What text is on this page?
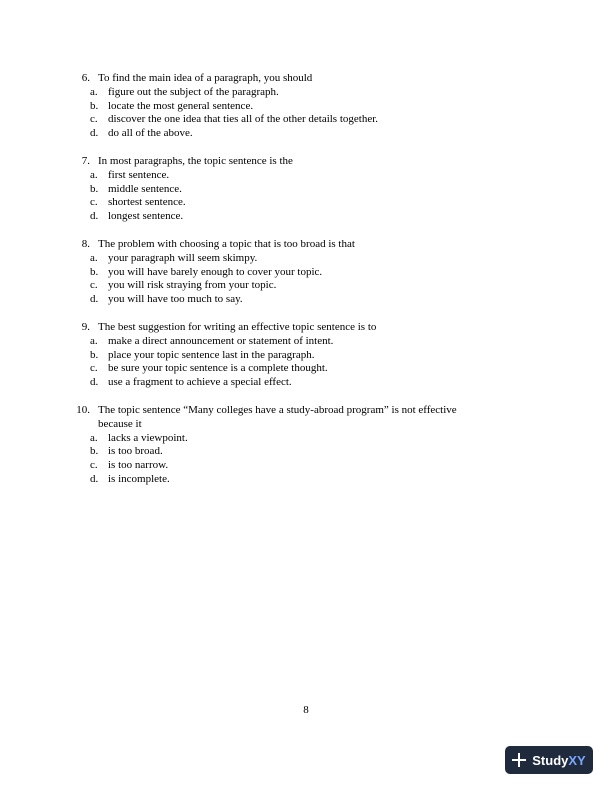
6. To find the main idea of a paragraph, you should
a. figure out the subject of the paragraph.
b. locate the most general sentence.
c. discover the one idea that ties all of the other details together.
d. do all of the above.
7. In most paragraphs, the topic sentence is the
a. first sentence.
b. middle sentence.
c. shortest sentence.
d. longest sentence.
8. The problem with choosing a topic that is too broad is that
a. your paragraph will seem skimpy.
b. you will have barely enough to cover your topic.
c. you will risk straying from your topic.
d. you will have too much to say.
9. The best suggestion for writing an effective topic sentence is to
a. make a direct announcement or statement of intent.
b. place your topic sentence last in the paragraph.
c. be sure your topic sentence is a complete thought.
d. use a fragment to achieve a special effect.
10. The topic sentence “Many colleges have a study-abroad program” is not effective because it
a. lacks a viewpoint.
b. is too broad.
c. is too narrow.
d. is incomplete.
8
StudyXY
